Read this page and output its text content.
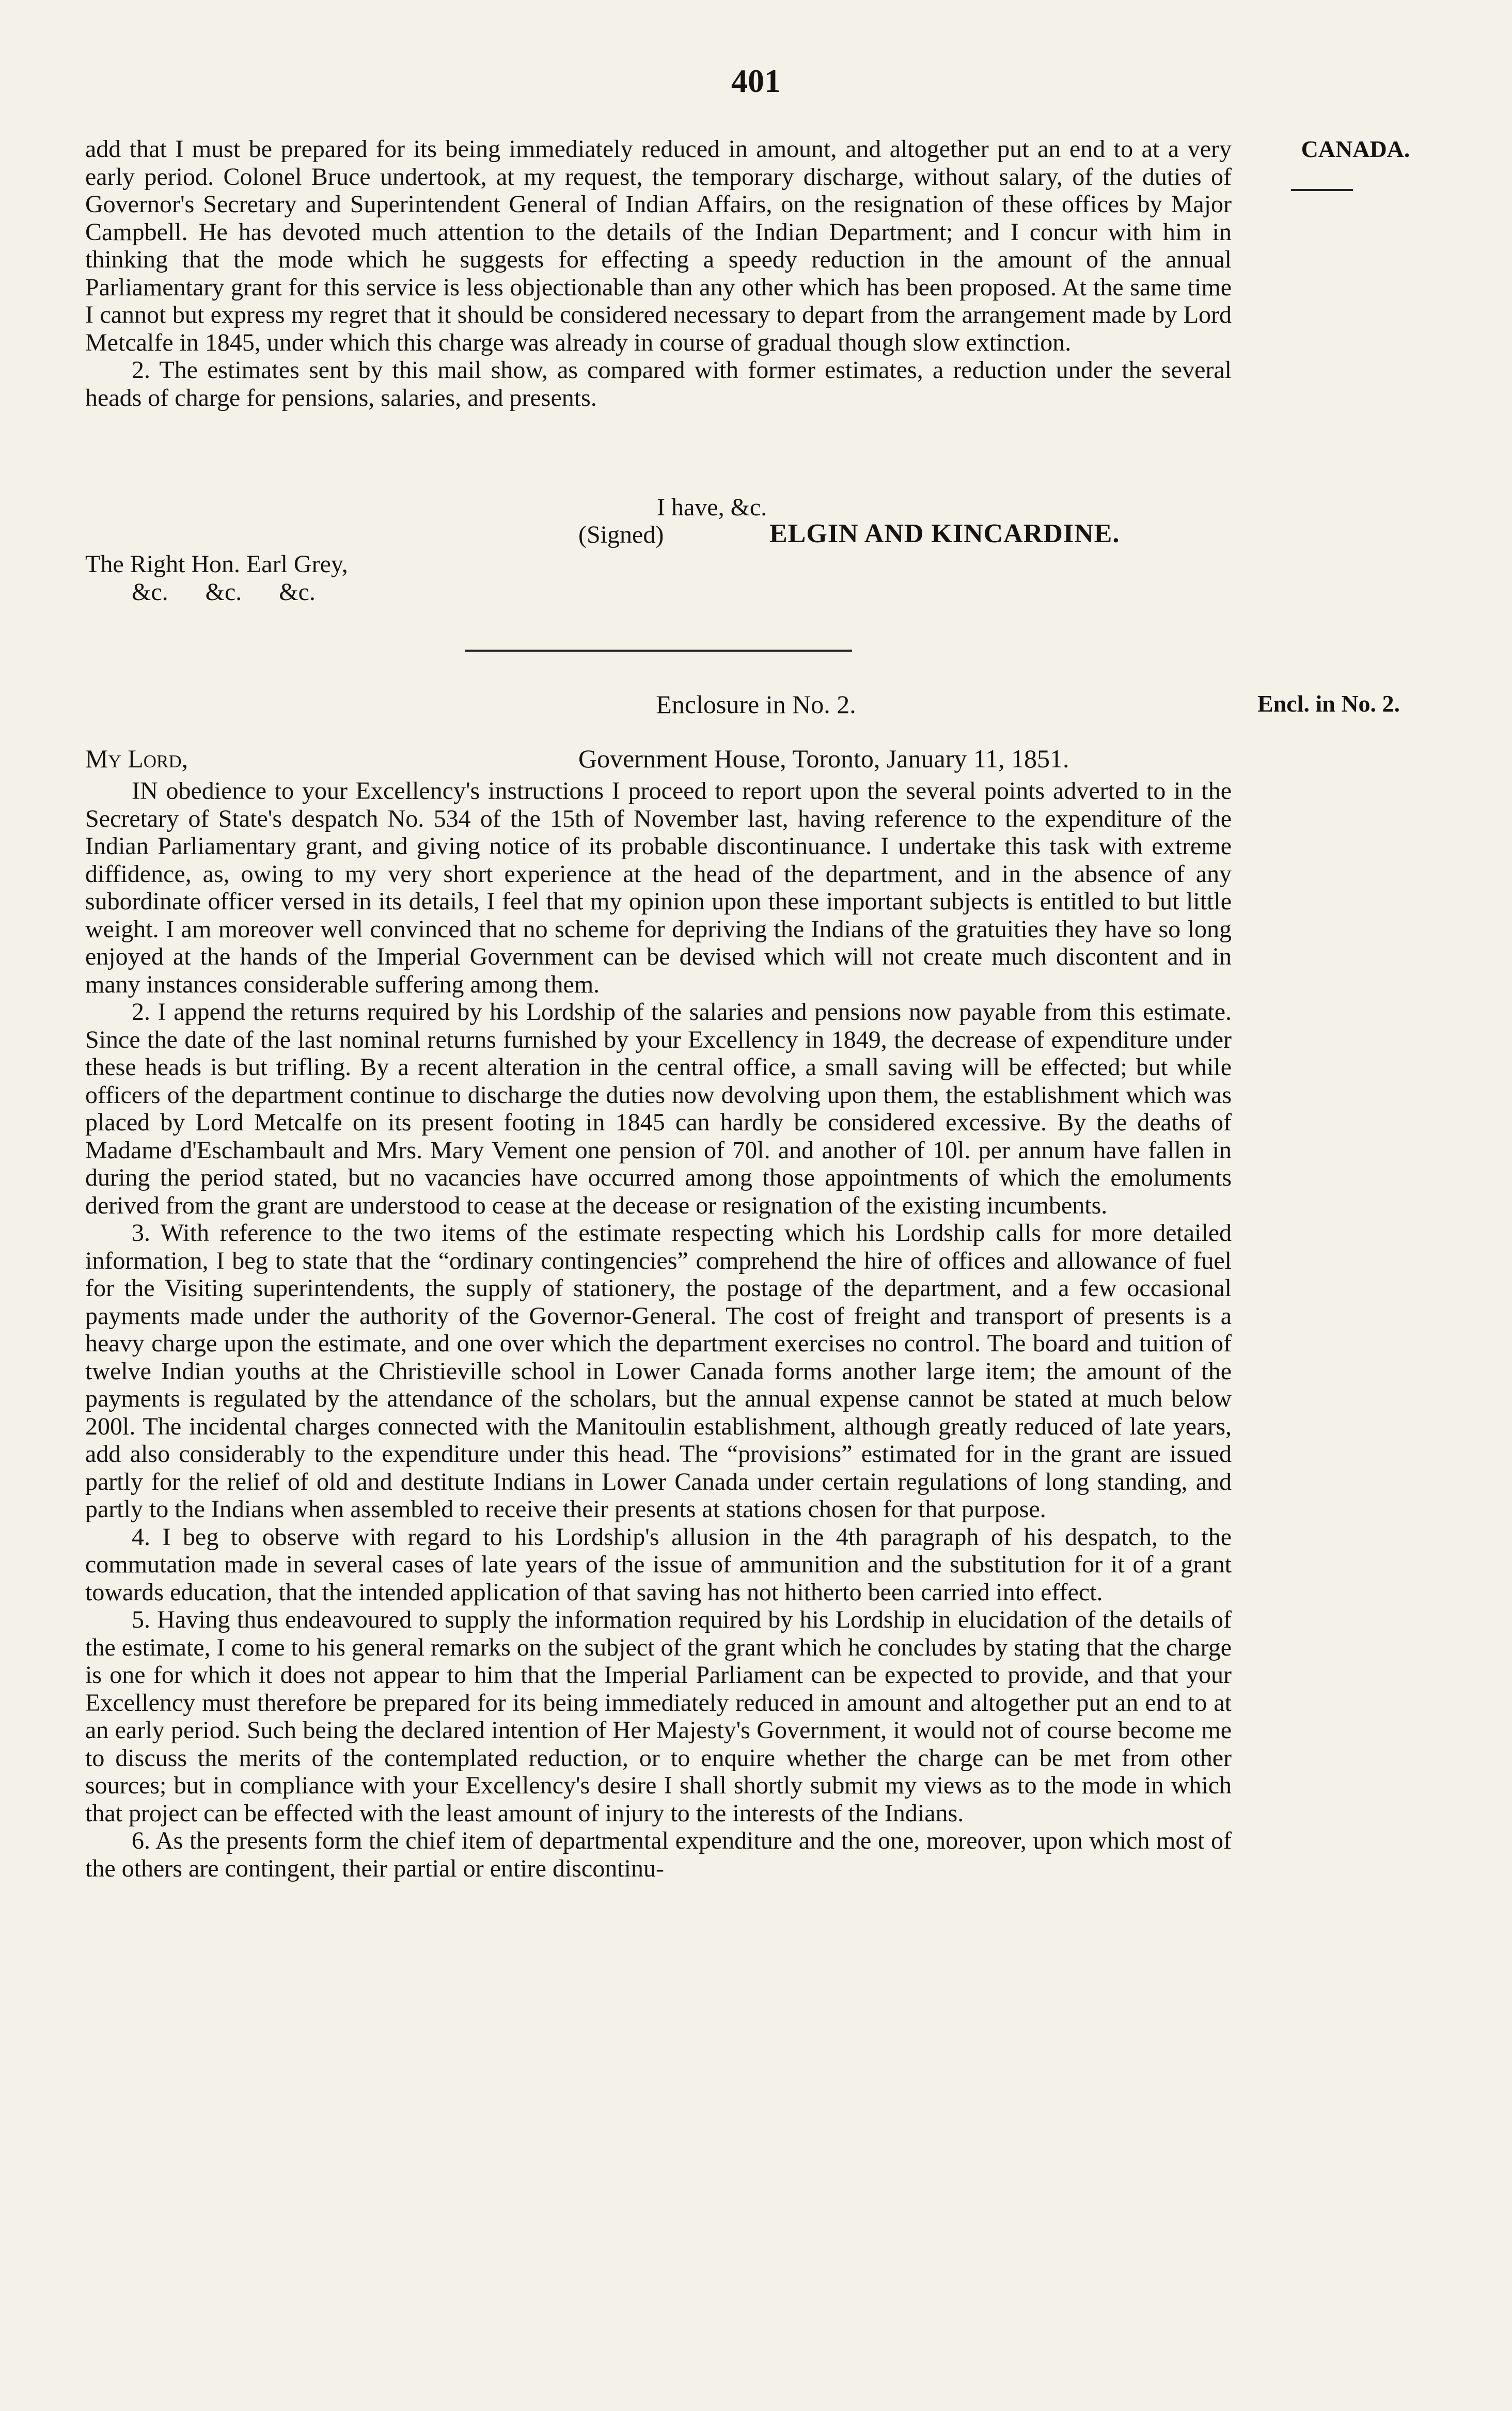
401
CANADA.

add that I must be prepared for its being immediately reduced in amount, and altogether put an end to at a very early period. Colonel Bruce undertook, at my request, the temporary discharge, without salary, of the duties of Governor's Secretary and Superintendent General of Indian Affairs, on the resignation of these offices by Major Campbell. He has devoted much attention to the details of the Indian Department; and I concur with him in thinking that the mode which he suggests for effecting a speedy reduction in the amount of the annual Parliamentary grant for this service is less objectionable than any other which has been proposed. At the same time I cannot but express my regret that it should be considered necessary to depart from the arrangement made by Lord Metcalfe in 1845, under which this charge was already in course of gradual though slow extinction.

2. The estimates sent by this mail show, as compared with former estimates, a reduction under the several heads of charge for pensions, salaries, and presents.

I have, &c.
(Signed)	ELGIN AND KINCARDINE.
The Right Hon. Earl Grey,
&c. &c. &c.
Enclosure in No. 2.	Encl. in No. 2.
My Lord,	Government House, Toronto, January 11, 1851.

IN obedience to your Excellency's instructions I proceed to report upon the several points adverted to in the Secretary of State's despatch No. 534 of the 15th of November last, having reference to the expenditure of the Indian Parliamentary grant, and giving notice of its probable discontinuance. I undertake this task with extreme diffidence, as, owing to my very short experience at the head of the department, and in the absence of any subordinate officer versed in its details, I feel that my opinion upon these important subjects is entitled to but little weight. I am moreover well convinced that no scheme for depriving the Indians of the gratuities they have so long enjoyed at the hands of the Imperial Government can be devised which will not create much discontent and in many instances considerable suffering among them.

2. I append the returns required by his Lordship of the salaries and pensions now payable from this estimate. Since the date of the last nominal returns furnished by your Excellency in 1849, the decrease of expenditure under these heads is but trifling. By a recent alteration in the central office, a small saving will be effected; but while officers of the department continue to discharge the duties now devolving upon them, the establishment which was placed by Lord Metcalfe on its present footing in 1845 can hardly be considered excessive. By the deaths of Madame d'Eschambault and Mrs. Mary Vement one pension of 70l. and another of 10l. per annum have fallen in during the period stated, but no vacancies have occurred among those appointments of which the emoluments derived from the grant are understood to cease at the decease or resignation of the existing incumbents.

3. With reference to the two items of the estimate respecting which his Lordship calls for more detailed information, I beg to state that the “ordinary contingencies” comprehend the hire of offices and allowance of fuel for the Visiting superintendents, the supply of stationery, the postage of the department, and a few occasional payments made under the authority of the Governor-General. The cost of freight and transport of presents is a heavy charge upon the estimate, and one over which the department exercises no control. The board and tuition of twelve Indian youths at the Christieville school in Lower Canada forms another large item; the amount of the payments is regulated by the attendance of the scholars, but the annual expense cannot be stated at much below 200l. The incidental charges connected with the Manitoulin establishment, although greatly reduced of late years, add also considerably to the expenditure under this head. The “provisions” estimated for in the grant are issued partly for the relief of old and destitute Indians in Lower Canada under certain regulations of long standing, and partly to the Indians when assembled to receive their presents at stations chosen for that purpose.

4. I beg to observe with regard to his Lordship's allusion in the 4th paragraph of his despatch, to the commutation made in several cases of late years of the issue of ammunition and the substitution for it of a grant towards education, that the intended application of that saving has not hitherto been carried into effect.

5. Having thus endeavoured to supply the information required by his Lordship in elucidation of the details of the estimate, I come to his general remarks on the subject of the grant which he concludes by stating that the charge is one for which it does not appear to him that the Imperial Parliament can be expected to provide, and that your Excellency must therefore be prepared for its being immediately reduced in amount and altogether put an end to at an early period. Such being the declared intention of Her Majesty's Government, it would not of course become me to discuss the merits of the contemplated reduction, or to enquire whether the charge can be met from other sources; but in compliance with your Excellency's desire I shall shortly submit my views as to the mode in which that project can be effected with the least amount of injury to the interests of the Indians.

6. As the presents form the chief item of departmental expenditure and the one, moreover, upon which most of the others are contingent, their partial or entire discontinu-
